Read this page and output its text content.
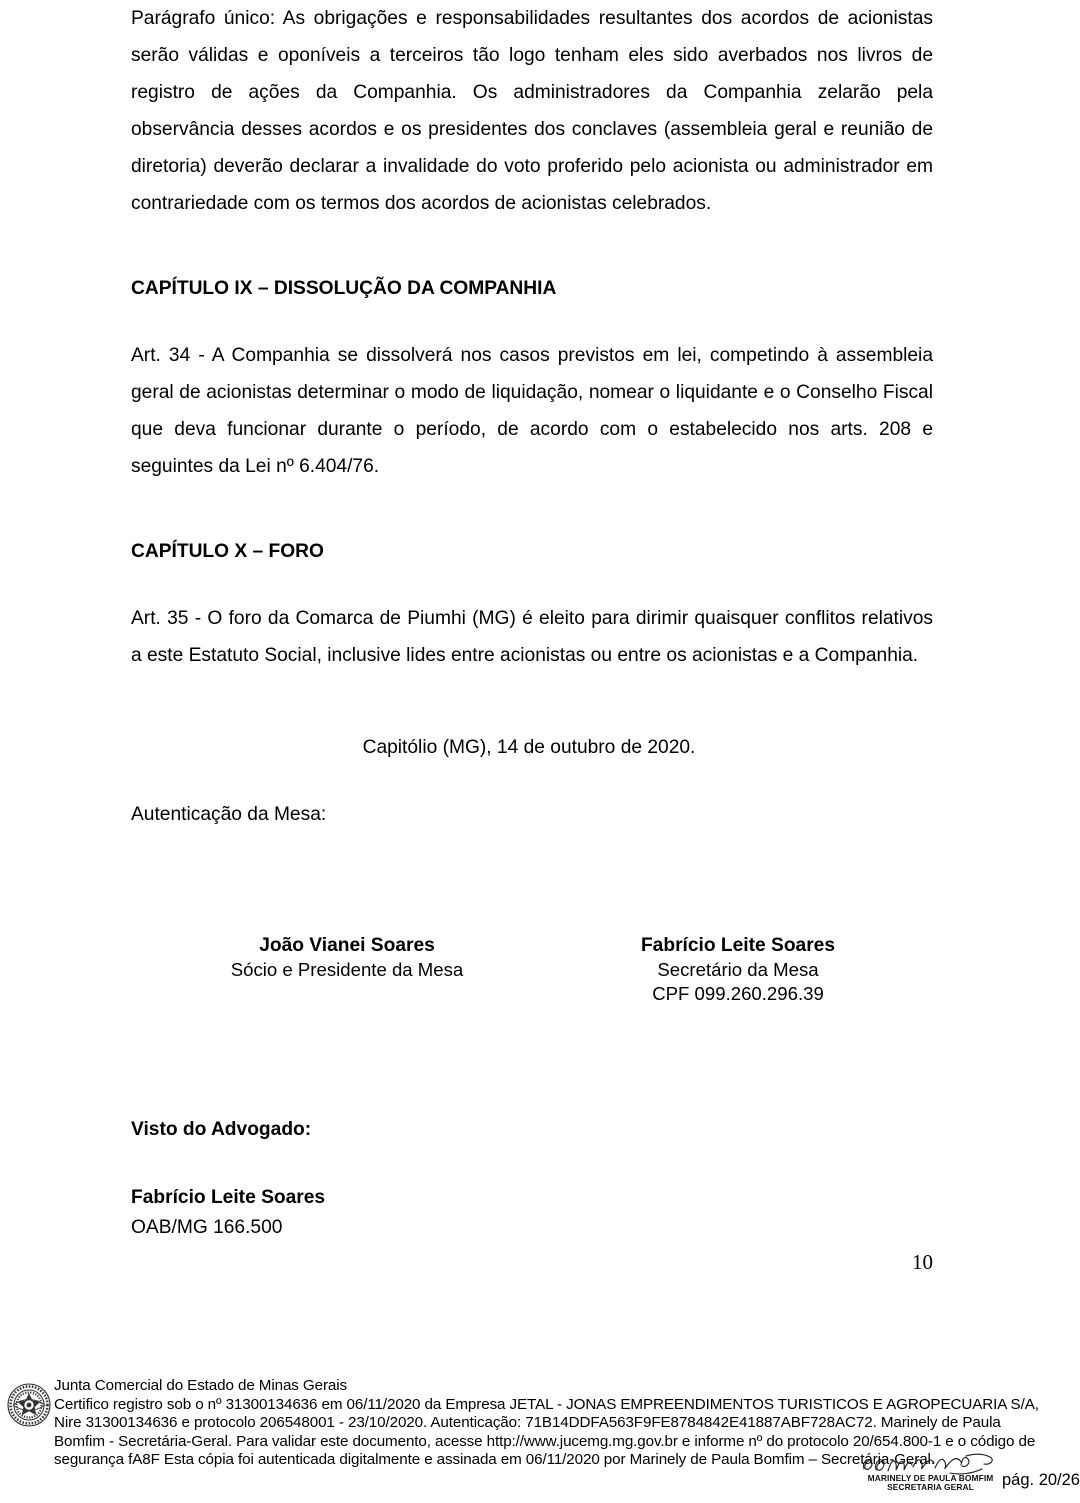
Parágrafo único: As obrigações e responsabilidades resultantes dos acordos de acionistas serão válidas e oponíveis a terceiros tão logo tenham eles sido averbados nos livros de registro de ações da Companhia. Os administradores da Companhia zelarão pela observância desses acordos e os presidentes dos conclaves (assembleia geral e reunião de diretoria) deverão declarar a invalidade do voto proferido pelo acionista ou administrador em contrariedade com os termos dos acordos de acionistas celebrados.

CAPÍTULO IX – DISSOLUÇÃO DA COMPANHIA

Art. 34 - A Companhia se dissolverá nos casos previstos em lei, competindo à assembleia geral de acionistas determinar o modo de liquidação, nomear o liquidante e o Conselho Fiscal que deva funcionar durante o período, de acordo com o estabelecido nos arts. 208 e seguintes da Lei nº 6.404/76.

CAPÍTULO X – FORO

Art. 35 - O foro da Comarca de Piumhi (MG) é eleito para dirimir quaisquer conflitos relativos a este Estatuto Social, inclusive lides entre acionistas ou entre os acionistas e a Companhia.

Capitólio (MG), 14 de outubro de 2020.
Autenticação da Mesa:
João Vianei Soares
Sócio e Presidente da Mesa
Fabrício Leite Soares
Secretário da Mesa
CPF 099.260.296.39
Visto do Advogado:
Fabrício Leite Soares
OAB/MG 166.500
10
Junta Comercial do Estado de Minas Gerais
Certifico registro sob o nº 31300134636 em 06/11/2020 da Empresa JETAL - JONAS EMPREENDIMENTOS TURISTICOS E AGROPECUARIA S/A,
Nire 31300134636 e protocolo 206548001 - 23/10/2020. Autenticação: 71B14DDFA563F9FE8784842E41887ABF728AC72. Marinely de Paula
Bomfim - Secretária-Geral. Para validar este documento, acesse http://www.jucemg.mg.gov.br e informe nº do protocolo 20/654.800-1 e o código de
segurança fA8F Esta cópia foi autenticada digitalmente e assinada em 06/11/2020 por Marinely de Paula Bomfim – Secretária-Geral.
MARINELY DE PAULA BOMFIM
SECRETARIA GERAL	pág. 20/26
